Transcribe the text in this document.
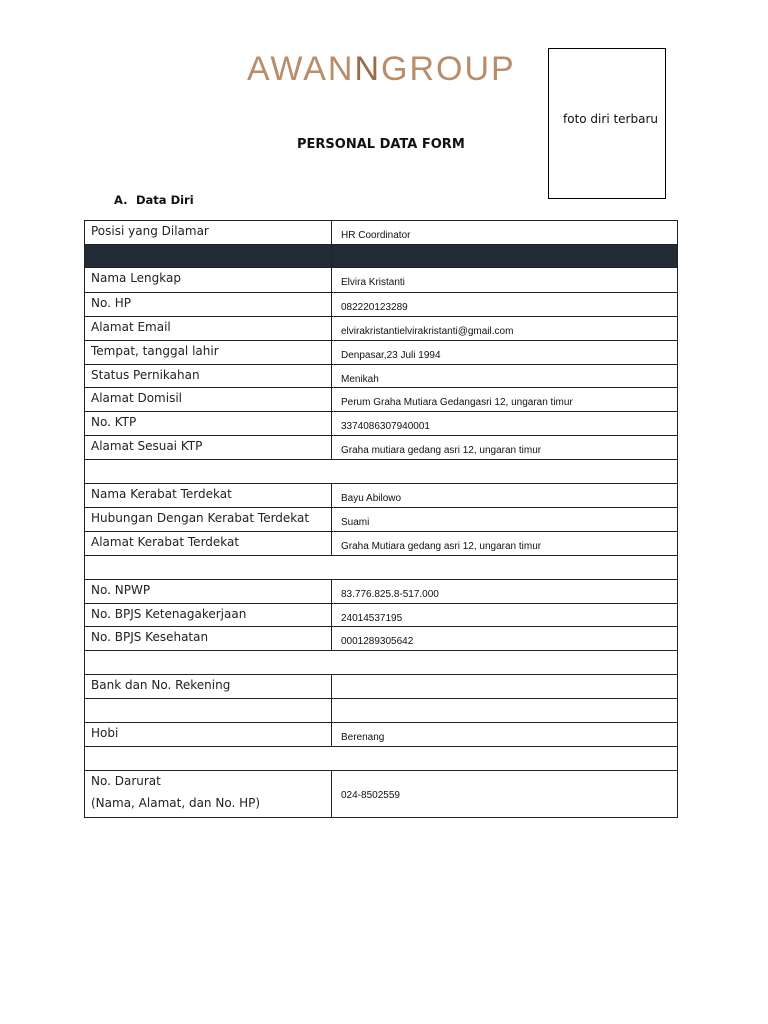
AWANNGROUP
foto diri terbaru
PERSONAL DATA FORM
A. Data Diri
Posisi yang Dilamar	HR Coordinator

Nama Lengkap	Elvira Kristanti
No. HP	082220123289
Alamat Email	elvirakristantielvirakristanti@gmail.com
Tempat, tanggal lahir	Denpasar,23 Juli 1994
Status Pernikahan	Menikah
Alamat Domisil	Perum Graha Mutiara Gedangasri 12, ungaran timur
No. KTP	3374086307940001
Alamat Sesuai KTP	Graha mutiara gedang asri 12, ungaran timur

Nama Kerabat Terdekat	Bayu Abilowo
Hubungan Dengan Kerabat Terdekat	Suami
Alamat Kerabat Terdekat	Graha Mutiara gedang asri 12, ungaran timur

No. NPWP	83.776.825.8-517.000
No. BPJS Ketenagakerjaan	24014537195
No. BPJS Kesehatan	0001289305642

Bank dan No. Rekening	

Hobi	Berenang

No. Darurat
(Nama, Alamat, dan No. HP)	024-8502559
